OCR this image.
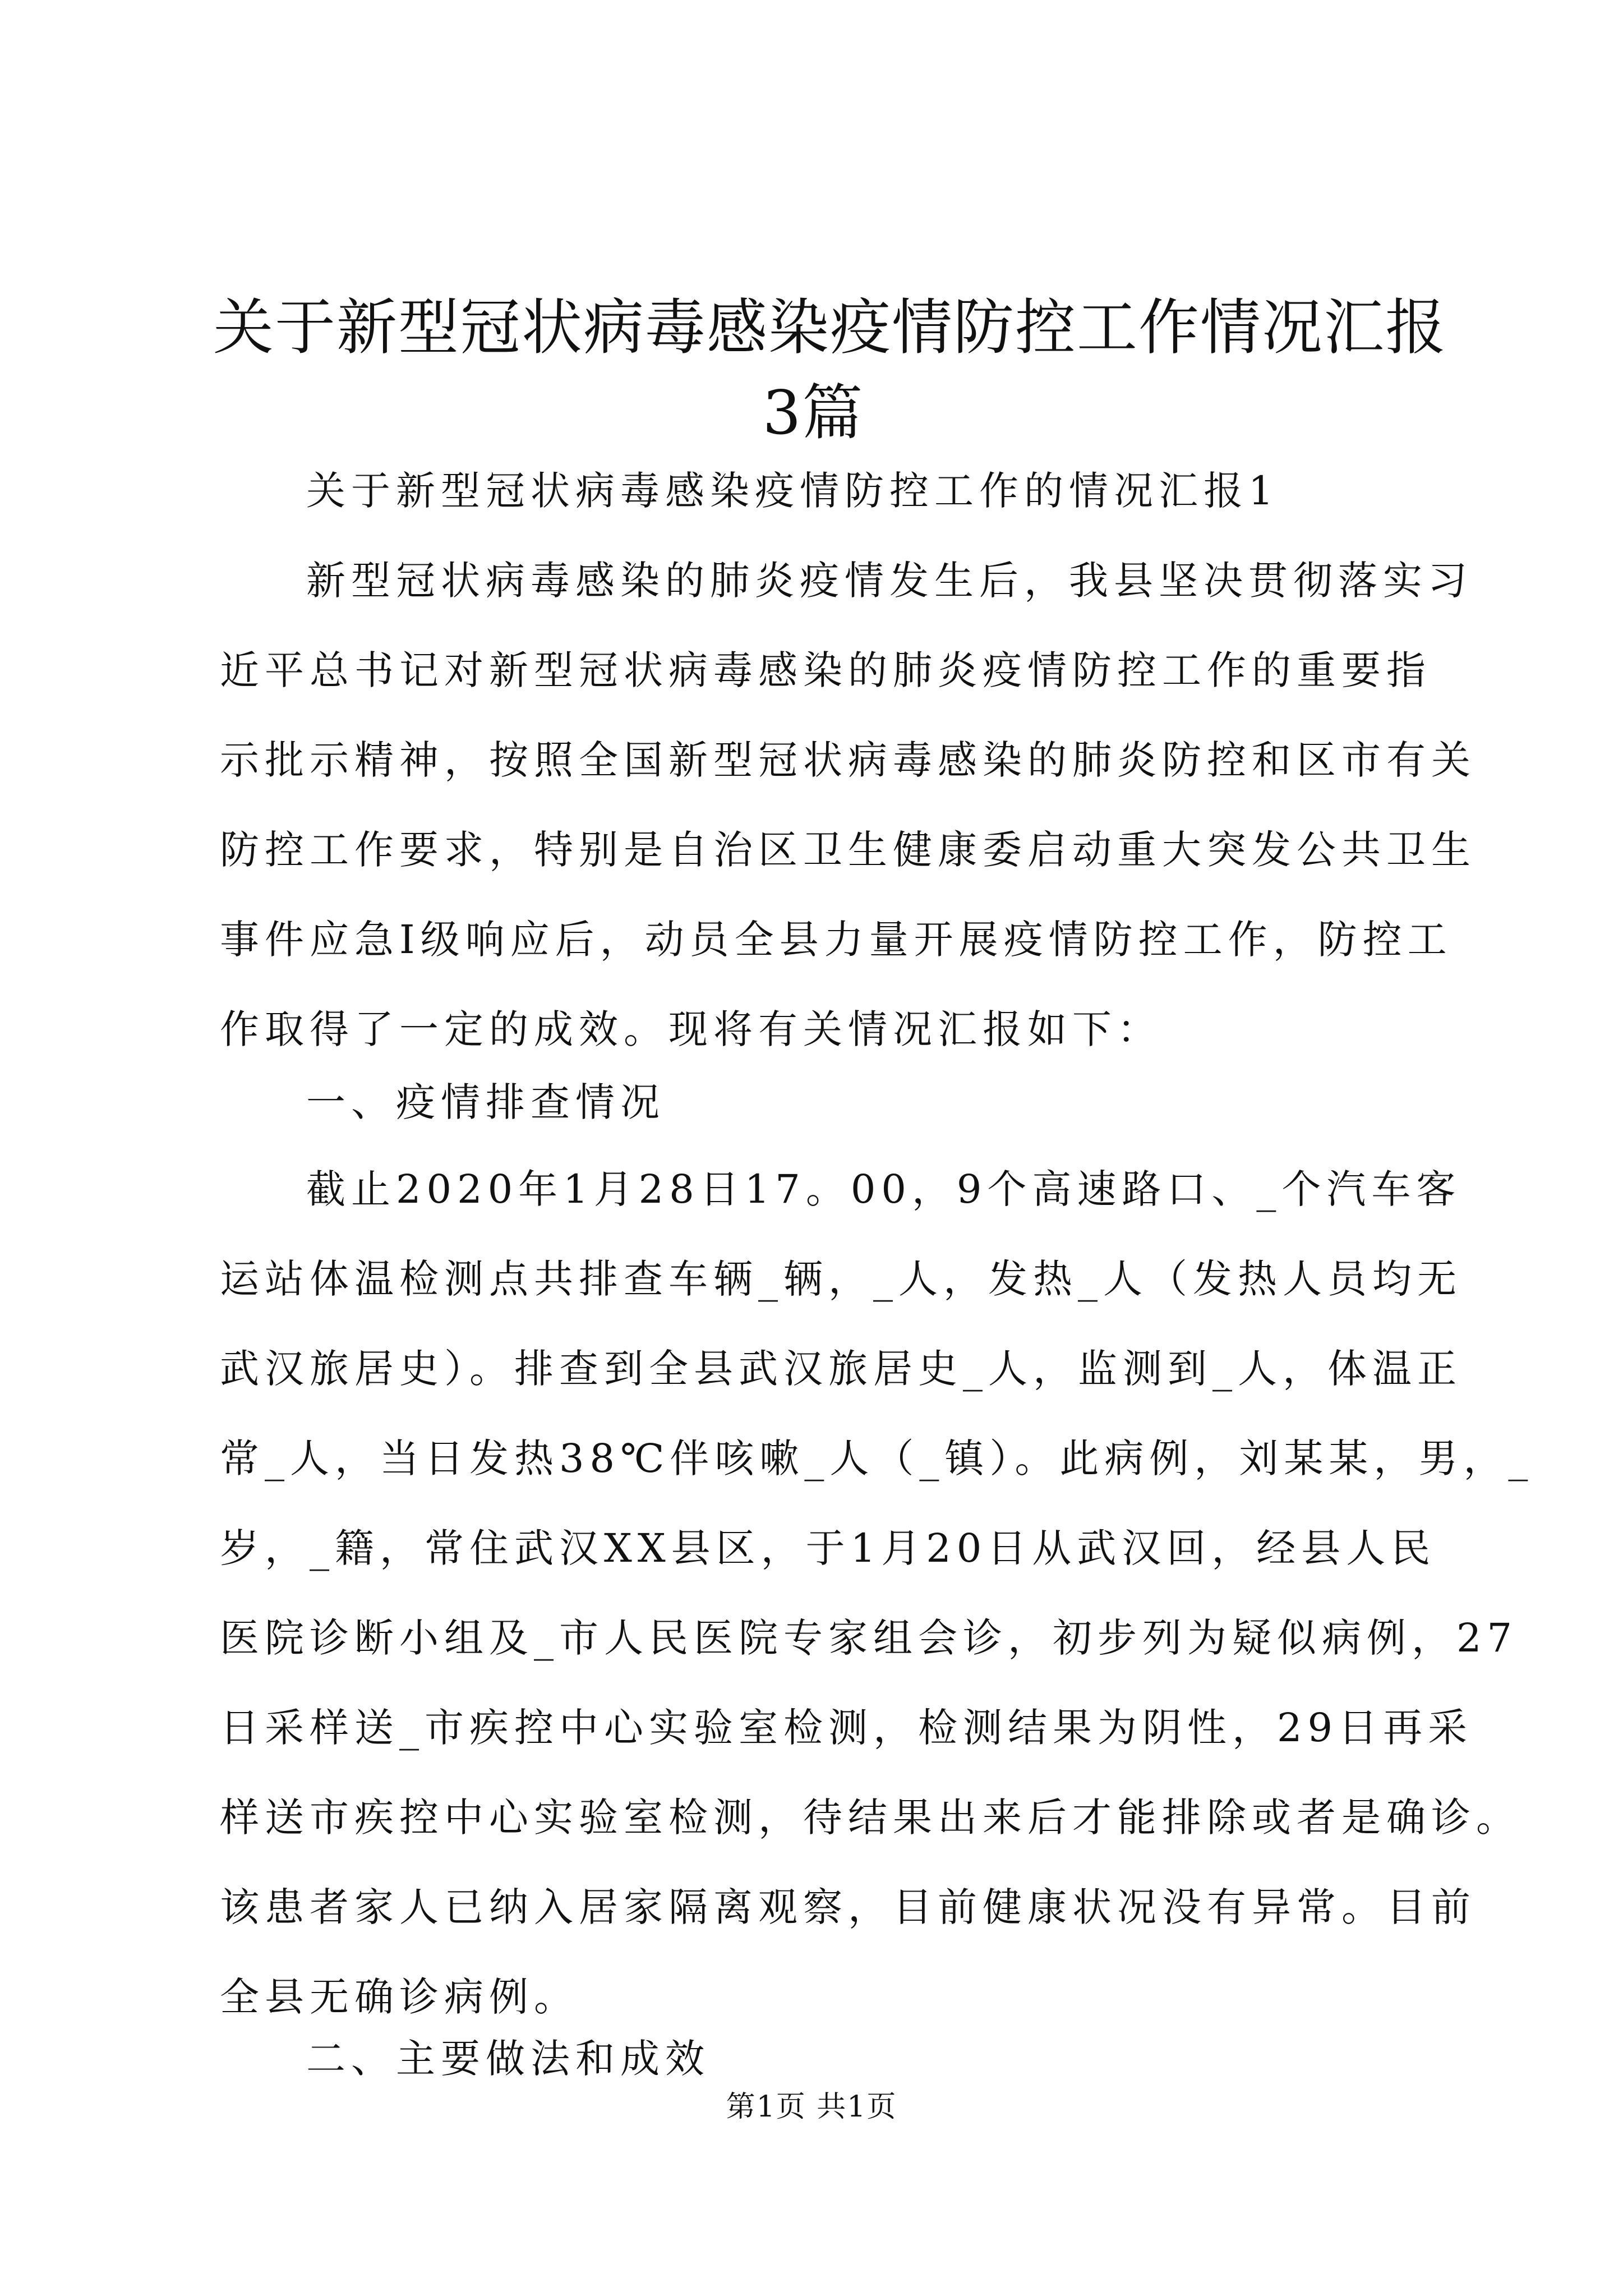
关于新型冠状病毒感染疫情防控工作情况汇报
3篇
关于新型冠状病毒感染疫情防控工作的情况汇报1
新型冠状病毒感染的肺炎疫情发生后，我县坚决贯彻落实习
近平总书记对新型冠状病毒感染的肺炎疫情防控工作的重要指
示批示精神，按照全国新型冠状病毒感染的肺炎防控和区市有关
防控工作要求，特别是自治区卫生健康委启动重大突发公共卫生
事件应急Ⅰ级响应后，动员全县力量开展疫情防控工作，防控工
作取得了一定的成效。现将有关情况汇报如下：
一、疫情排查情况
截止2020年1月28日17。00，9个高速路口、_个汽车客
运站体温检测点共排查车辆_辆，_人，发热_人（发热人员均无
武汉旅居史）。排查到全县武汉旅居史_人，监测到_人，体温正
常_人，当日发热38℃伴咳嗽_人（_镇）。此病例，刘某某，男，_
岁，_籍，常住武汉XX县区，于1月20日从武汉回，经县人民
医院诊断小组及_市人民医院专家组会诊，初步列为疑似病例，27
日采样送_市疾控中心实验室检测，检测结果为阴性，29日再采
样送市疾控中心实验室检测，待结果出来后才能排除或者是确诊。
该患者家人已纳入居家隔离观察，目前健康状况没有异常。目前
全县无确诊病例。
二、主要做法和成效
第1页 共1页
